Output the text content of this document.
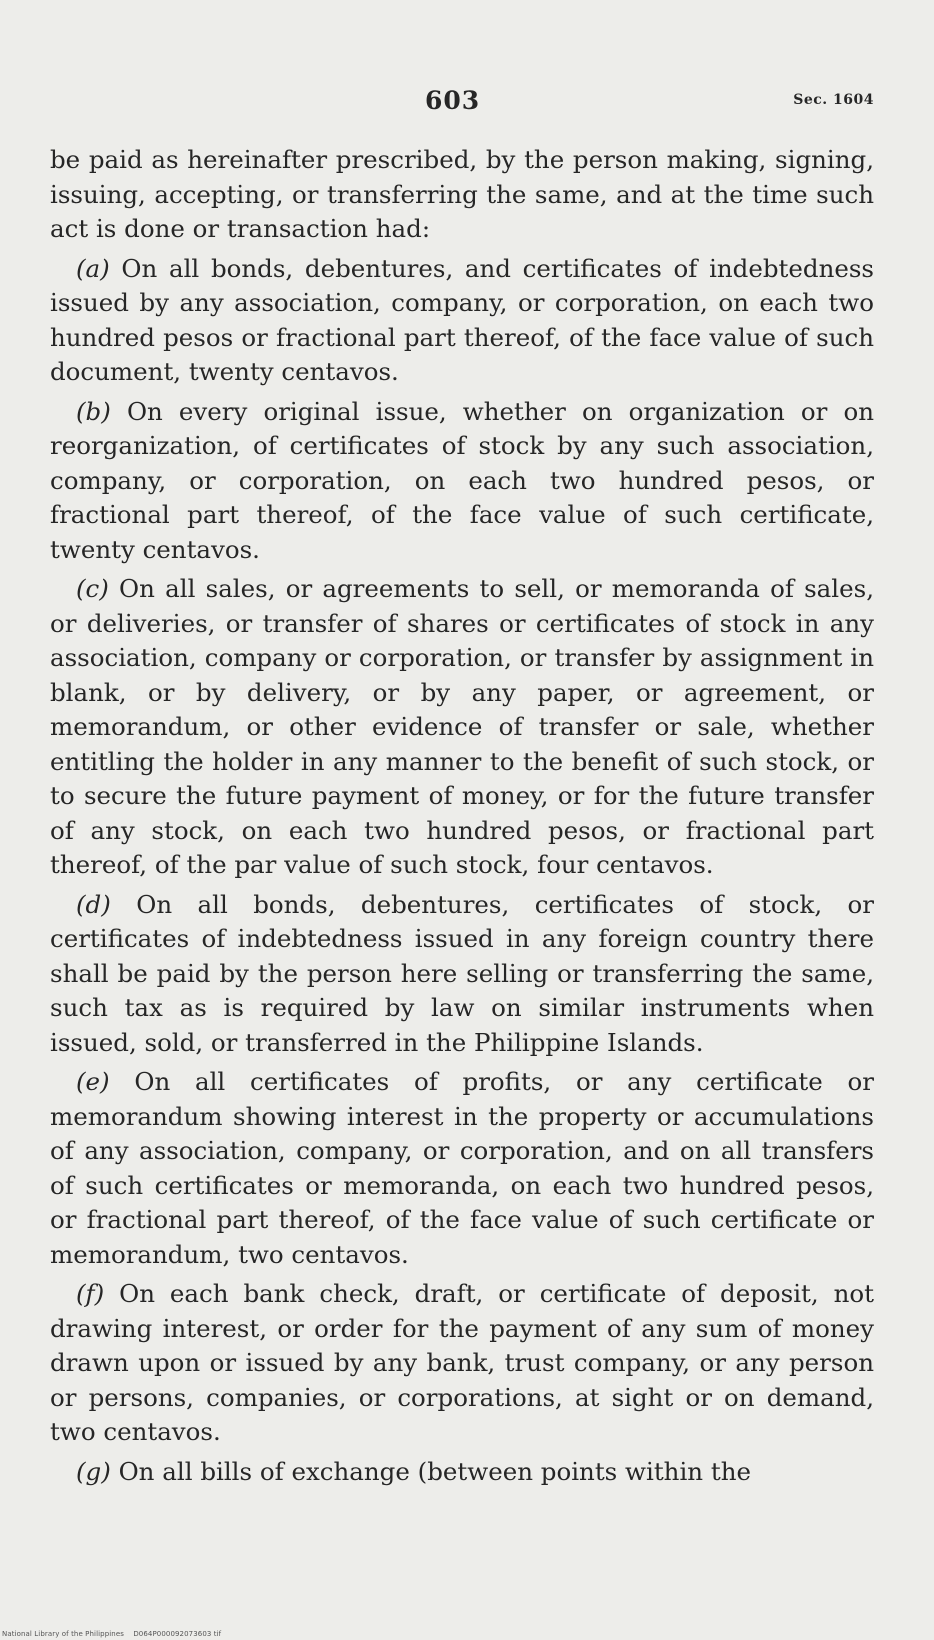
603	Sec. 1604

be paid as hereinafter prescribed, by the person making, signing, issuing, accepting, or transferring the same, and at the time such act is done or transaction had:

(a) On all bonds, debentures, and certificates of indebtedness issued by any association, company, or corporation, on each two hundred pesos or fractional part thereof, of the face value of such document, twenty centavos.

(b) On every original issue, whether on organization or on reorganization, of certificates of stock by any such association, company, or corporation, on each two hundred pesos, or fractional part thereof, of the face value of such certificate, twenty centavos.

(c) On all sales, or agreements to sell, or memoranda of sales, or deliveries, or transfer of shares or certificates of stock in any association, company or corporation, or transfer by assignment in blank, or by delivery, or by any paper, or agreement, or memorandum, or other evidence of transfer or sale, whether entitling the holder in any manner to the benefit of such stock, or to secure the future payment of money, or for the future transfer of any stock, on each two hundred pesos, or fractional part thereof, of the par value of such stock, four centavos.

(d) On all bonds, debentures, certificates of stock, or certificates of indebtedness issued in any foreign country there shall be paid by the person here selling or transferring the same, such tax as is required by law on similar instruments when issued, sold, or transferred in the Philippine Islands.

(e) On all certificates of profits, or any certificate or memorandum showing interest in the property or accumulations of any association, company, or corporation, and on all transfers of such certificates or memoranda, on each two hundred pesos, or fractional part thereof, of the face value of such certificate or memorandum, two centavos.

(f) On each bank check, draft, or certificate of deposit, not drawing interest, or order for the payment of any sum of money drawn upon or issued by any bank, trust company, or any person or persons, companies, or corporations, at sight or on demand, two centavos.

(g) On all bills of exchange (between points within the

National Library of the Philippines D064P000092073603 tif
